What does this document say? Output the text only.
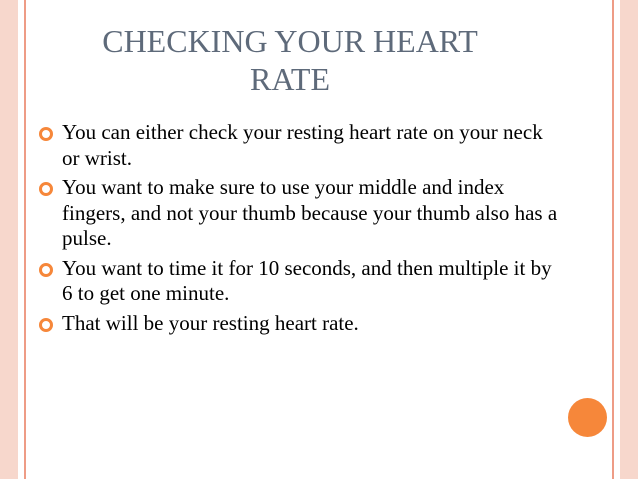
CHECKING YOUR HEART
RATE
You can either check your resting heart rate on your neck or wrist.
You want to make sure to use your middle and index fingers, and not your thumb because your thumb also has a pulse.
You want to time it for 10 seconds, and then multiple it by 6 to get one minute.
That will be your resting heart rate.
